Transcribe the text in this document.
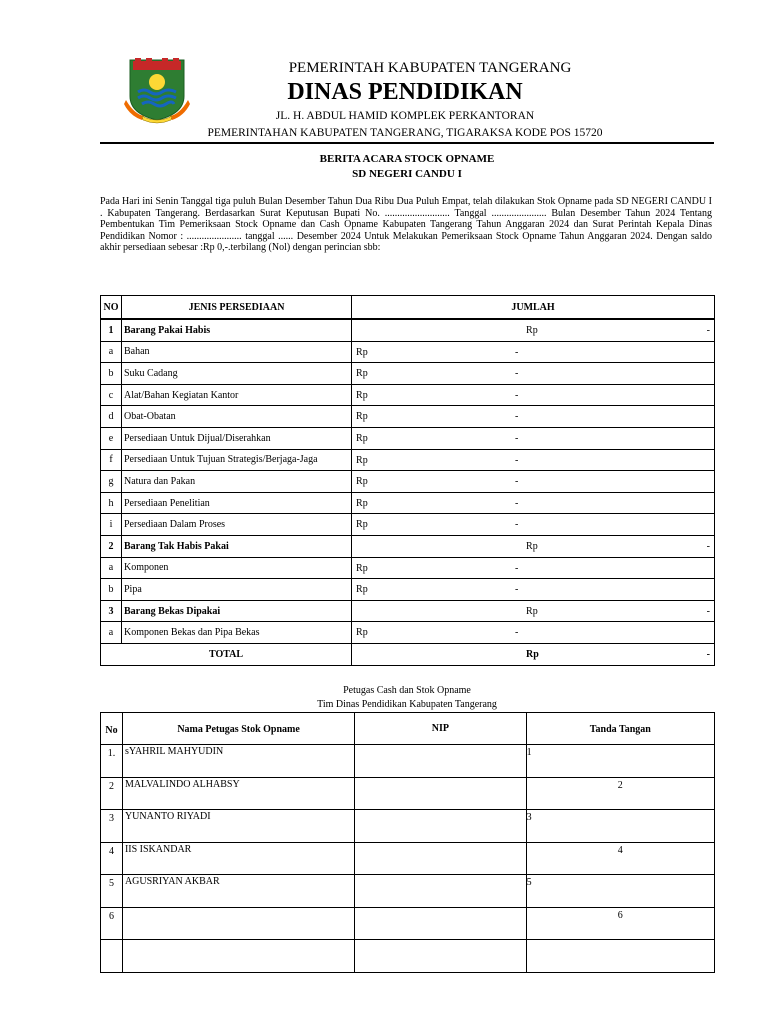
PEMERINTAH KABUPATEN TANGERANG
DINAS PENDIDIKAN
JL. H. ABDUL HAMID KOMPLEK PERKANTORAN
PEMERINTAHAN KABUPATEN TANGERANG, TIGARAKSA KODE POS 15720
BERITA ACARA STOCK OPNAME
SD NEGERI CANDU I
Pada Hari ini Senin Tanggal tiga puluh Bulan Desember Tahun Dua Ribu Dua Puluh Empat, telah dilakukan Stok Opname pada SD NEGERI CANDU I . Kabupaten Tangerang. Berdasarkan Surat Keputusan Bupati No. .......................... Tanggal ...................... Bulan Desember Tahun 2024 Tentang Pembentukan Tim Pemeriksaan Stock Opname dan Cash Opname Kabupaten Tangerang Tahun Anggaran 2024 dan Surat Perintah Kepala Dinas Pendidikan Nomor : ...................... tanggal ...... Desember 2024 Untuk Melakukan Pemeriksaan Stock Opname Tahun Anggaran 2024. Dengan saldo akhir persediaan sebesar :Rp 0,-.terbilang (Nol) dengan perincian sbb:
NO	JENIS PERSEDIAAN	JUMLAH
1	Barang Pakai Habis	Rp -

a	Bahan	Rp -

b	Suku Cadang	Rp -

c	Alat/Bahan Kegiatan Kantor	Rp -

d	Obat-Obatan	Rp -

e	Persediaan Untuk Dijual/Diserahkan	Rp -

f	Persediaan Untuk Tujuan Strategis/Berjaga-Jaga	Rp -

g	Natura dan Pakan	Rp -

h	Persediaan Penelitian	Rp -

i	Persediaan Dalam Proses	Rp -

2	Barang Tak Habis Pakai	Rp -

a	Komponen	Rp -

b	Pipa	Rp -

3	Barang Bekas Dipakai	Rp -

a	Komponen Bekas dan Pipa Bekas	Rp -

TOTAL		Rp -
Petugas Cash dan Stok Opname
Tim Dinas Pendidikan Kabupaten Tangerang
No	Nama Petugas Stok Opname	NIP	Tanda Tangan
1.	sYAHRIL MAHYUDIN		1
2	MALVALINDO ALHABSY		2
3	YUNANTO RIYADI		3
4	IIS ISKANDAR		4
5	AGUSRIYAN AKBAR		5
6			6
